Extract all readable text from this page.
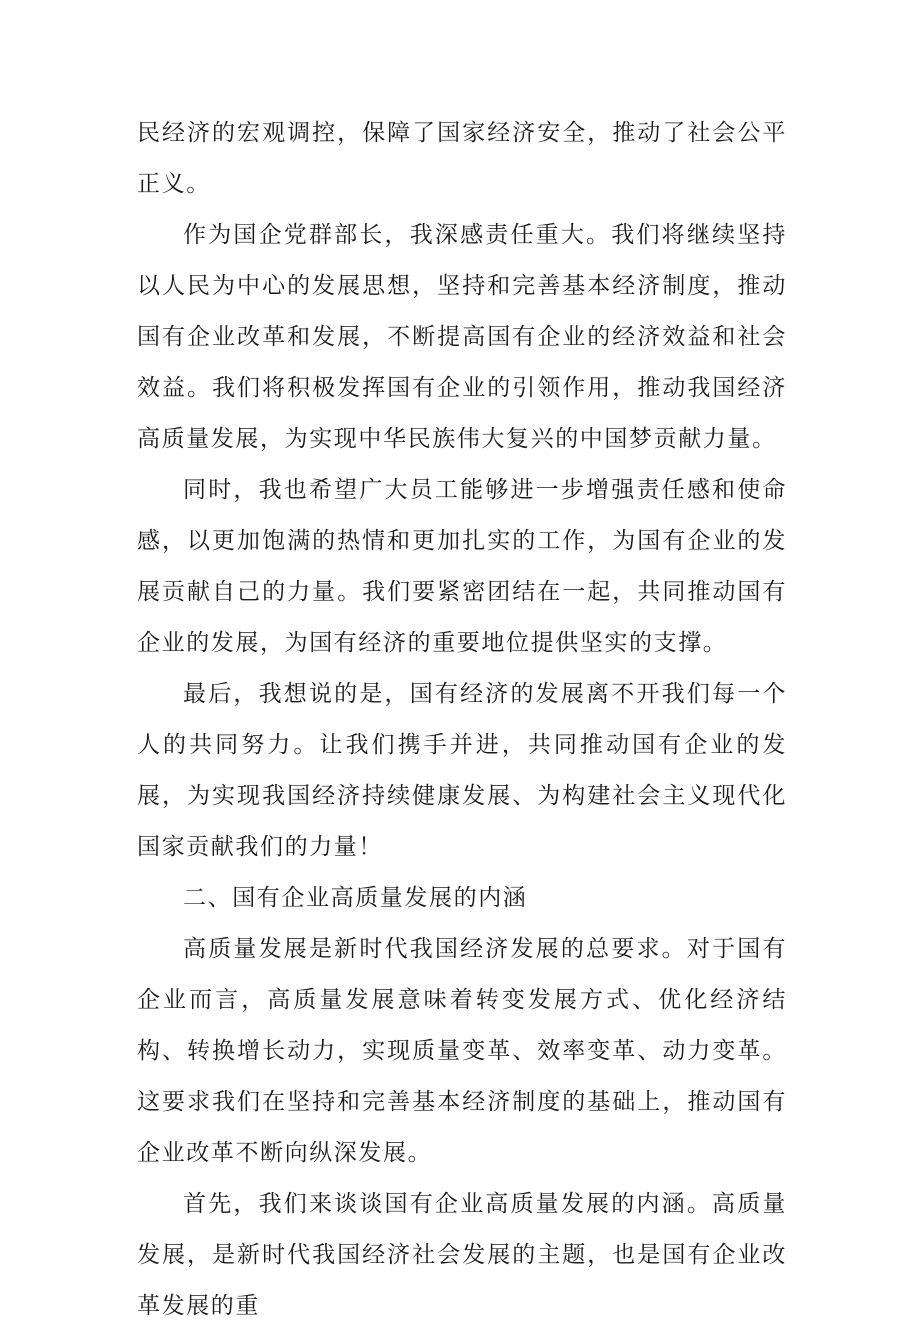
民经济的宏观调控，保障了国家经济安全，推动了社会公平正义。

作为国企党群部长，我深感责任重大。我们将继续坚持以人民为中心的发展思想，坚持和完善基本经济制度，推动国有企业改革和发展，不断提高国有企业的经济效益和社会效益。我们将积极发挥国有企业的引领作用，推动我国经济高质量发展，为实现中华民族伟大复兴的中国梦贡献力量。

同时，我也希望广大员工能够进一步增强责任感和使命感，以更加饱满的热情和更加扎实的工作，为国有企业的发展贡献自己的力量。我们要紧密团结在一起，共同推动国有企业的发展，为国有经济的重要地位提供坚实的支撑。

最后，我想说的是，国有经济的发展离不开我们每一个人的共同努力。让我们携手并进，共同推动国有企业的发展，为实现我国经济持续健康发展、为构建社会主义现代化国家贡献我们的力量！

二、国有企业高质量发展的内涵

高质量发展是新时代我国经济发展的总要求。对于国有企业而言，高质量发展意味着转变发展方式、优化经济结构、转换增长动力，实现质量变革、效率变革、动力变革。这要求我们在坚持和完善基本经济制度的基础上，推动国有企业改革不断向纵深发展。

首先，我们来谈谈国有企业高质量发展的内涵。高质量发展，是新时代我国经济社会发展的主题，也是国有企业改革发展的重
